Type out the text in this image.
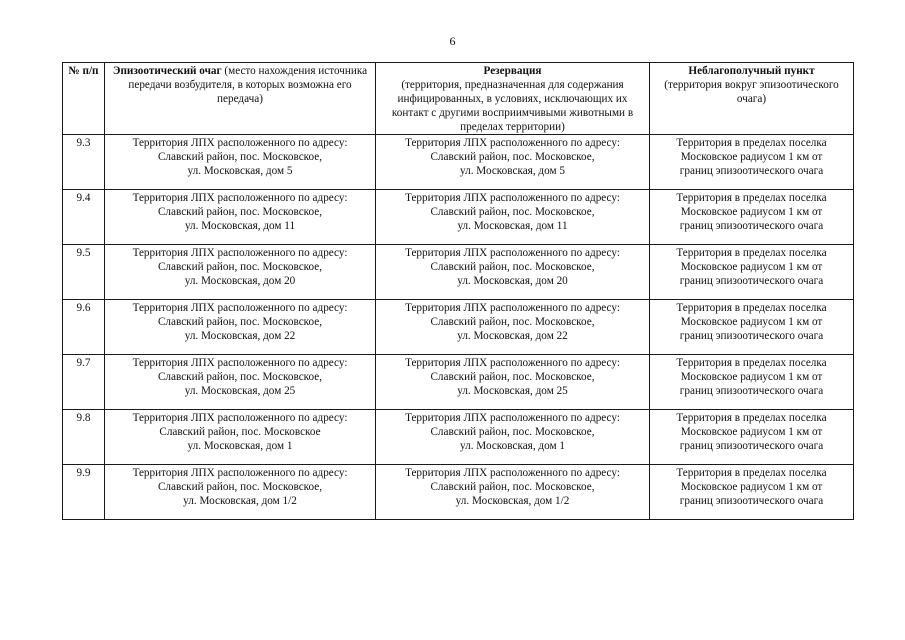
6
№ п/п	Эпизоотический очаг (место нахождения источника передачи возбудителя, в которых возможна его передача)	Резервация
(территория, предназначенная для содержания инфицированных, в условиях, исключающих их контакт с другими восприимчивыми животными в пределах территории)	Неблагополучный пункт
(территория вокруг эпизоотического очага)
9.3	Территория ЛПХ расположенного по адресу:
Славский район, пос. Московское,
ул. Московская, дом 5	Территория ЛПХ расположенного по адресу:
Славский район, пос. Московское,
ул. Московская, дом 5	Территория в пределах поселка
Московское радиусом 1 км от
границ эпизоотического очага

9.4	Территория ЛПХ расположенного по адресу:
Славский район, пос. Московское,
ул. Московская, дом 11	Территория ЛПХ расположенного по адресу:
Славский район, пос. Московское,
ул. Московская, дом 11	Территория в пределах поселка
Московское радиусом 1 км от
границ эпизоотического очага

9.5	Территория ЛПХ расположенного по адресу:
Славский район, пос. Московское,
ул. Московская, дом 20	Территория ЛПХ расположенного по адресу:
Славский район, пос. Московское,
ул. Московская, дом 20	Территория в пределах поселка
Московское радиусом 1 км от
границ эпизоотического очага

9.6	Территория ЛПХ расположенного по адресу:
Славский район, пос. Московское,
ул. Московская, дом 22	Территория ЛПХ расположенного по адресу:
Славский район, пос. Московское,
ул. Московская, дом 22	Территория в пределах поселка
Московское радиусом 1 км от
границ эпизоотического очага

9.7	Территория ЛПХ расположенного по адресу:
Славский район, пос. Московское,
ул. Московская, дом 25	Территория ЛПХ расположенного по адресу:
Славский район, пос. Московское,
ул. Московская, дом 25	Территория в пределах поселка
Московское радиусом 1 км от
границ эпизоотического очага

9.8	Территория ЛПХ расположенного по адресу:
Славский район, пос. Московское
ул. Московская, дом 1	Территория ЛПХ расположенного по адресу:
Славский район, пос. Московское,
ул. Московская, дом 1	Территория в пределах поселка
Московское радиусом 1 км от
границ эпизоотического очага

9.9	Территория ЛПХ расположенного по адресу:
Славский район, пос. Московское,
ул. Московская, дом 1/2	Территория ЛПХ расположенного по адресу:
Славский район, пос. Московское,
ул. Московская, дом 1/2	Территория в пределах поселка
Московское радиусом 1 км от
границ эпизоотического очага
